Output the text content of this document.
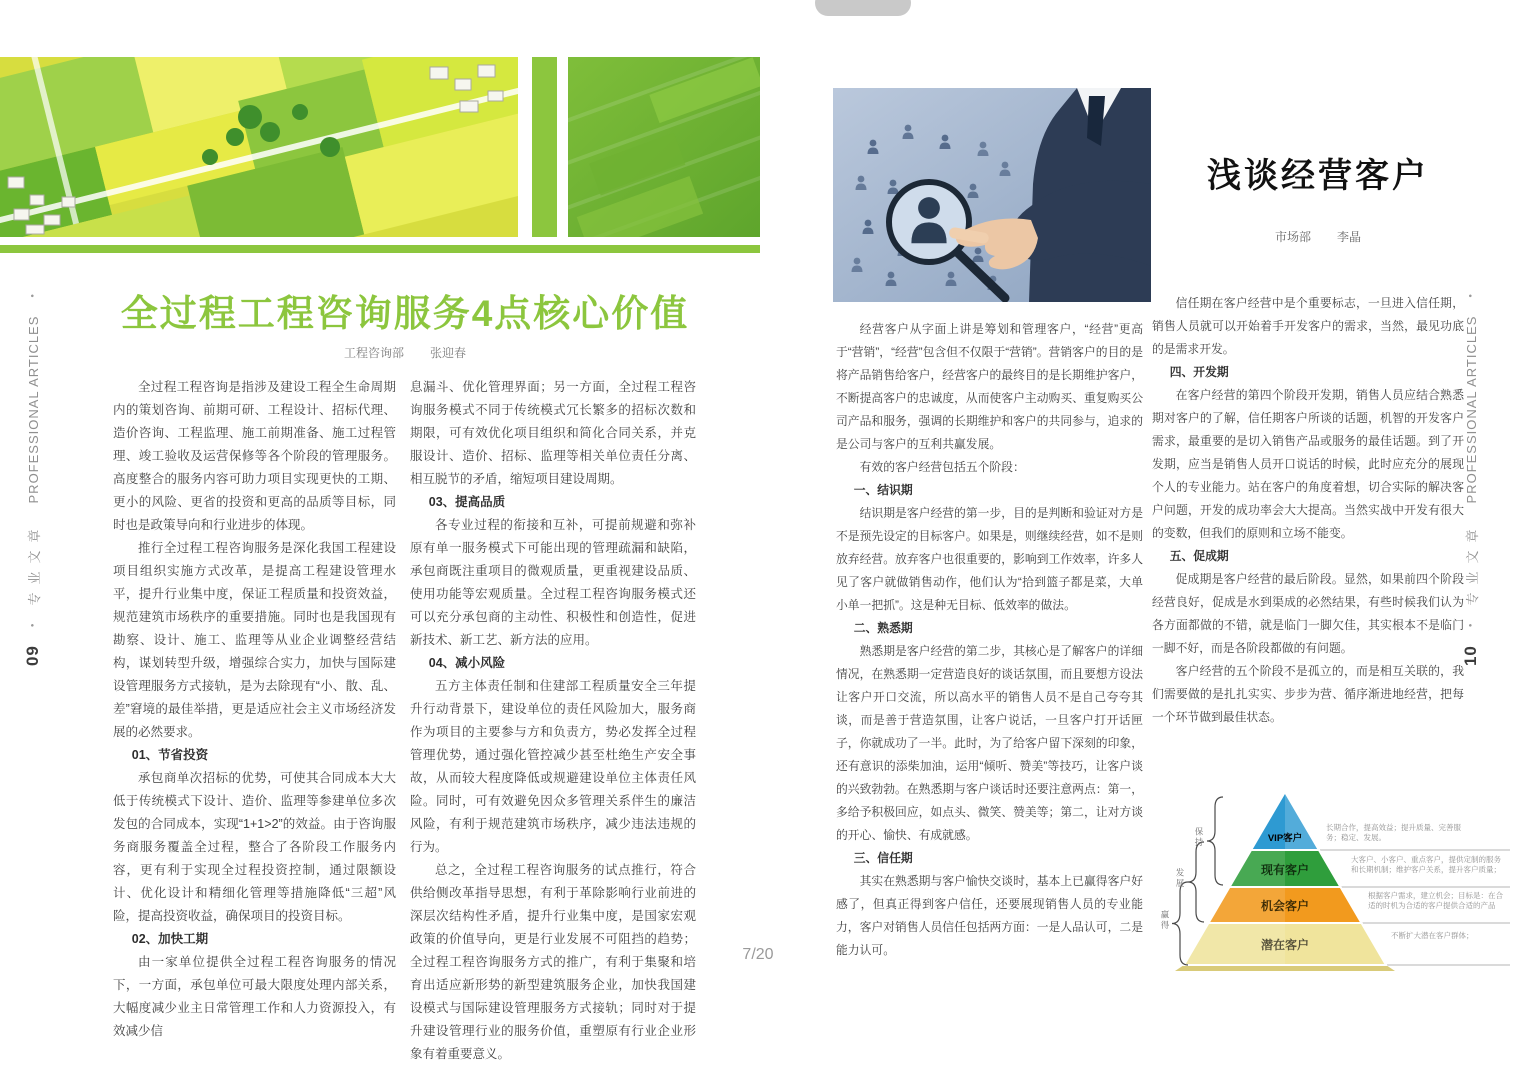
全过程工程咨询服务4点核心价值
工程咨询部 张迎春

全过程工程咨询是指涉及建设工程全生命周期内的策划咨询、前期可研、工程设计、招标代理、造价咨询、工程监理、施工前期准备、施工过程管理、竣工验收及运营保修等各个阶段的管理服务。高度整合的服务内容可助力项目实现更快的工期、更小的风险、更省的投资和更高的品质等目标，同时也是政策导向和行业进步的体现。

推行全过程工程咨询服务是深化我国工程建设项目组织实施方式改革，是提高工程建设管理水平，提升行业集中度，保证工程质量和投资效益，规范建筑市场秩序的重要措施。同时也是我国现有勘察、设计、施工、监理等从业企业调整经营结构，谋划转型升级，增强综合实力，加快与国际建设管理服务方式接轨，是为去除现有“小、散、乱、差”窘境的最佳举措，更是适应社会主义市场经济发展的必然要求。

01、节省投资

承包商单次招标的优势，可使其合同成本大大低于传统模式下设计、造价、监理等参建单位多次发包的合同成本，实现“1+1>2”的效益。由于咨询服务商服务覆盖全过程，整合了各阶段工作服务内容，更有利于实现全过程投资控制，通过限额设计、优化设计和精细化管理等措施降低“三超”风险，提高投资收益，确保项目的投资目标。

02、加快工期

由一家单位提供全过程工程咨询服务的情况下，一方面，承包单位可最大限度处理内部关系，大幅度减少业主日常管理工作和人力资源投入，有效减少信

息漏斗、优化管理界面；另一方面，全过程工程咨询服务模式不同于传统模式冗长繁多的招标次数和期限，可有效优化项目组织和简化合同关系，并克服设计、造价、招标、监理等相关单位责任分离、相互脱节的矛盾，缩短项目建设周期。

03、提高品质

各专业过程的衔接和互补，可提前规避和弥补原有单一服务模式下可能出现的管理疏漏和缺陷，承包商既注重项目的微观质量，更重视建设品质、使用功能等宏观质量。全过程工程咨询服务模式还可以充分承包商的主动性、积极性和创造性，促进新技术、新工艺、新方法的应用。

04、减小风险

五方主体责任制和住建部工程质量安全三年提升行动背景下，建设单位的责任风险加大，服务商作为项目的主要参与方和负责方，势必发挥全过程管理优势，通过强化管控减少甚至杜绝生产安全事故，从而较大程度降低或规避建设单位主体责任风险。同时，可有效避免因众多管理关系伴生的廉洁风险，有利于规范建筑市场秩序，减少违法违规的行为。

总之，全过程工程咨询服务的试点推行，符合供给侧改革指导思想，有利于革除影响行业前进的深层次结构性矛盾，提升行业集中度，是国家宏观政策的价值导向，更是行业发展不可阻挡的趋势；全过程工程咨询服务方式的推广，有利于集聚和培育出适应新形势的新型建筑服务企业，加快我国建设模式与国际建设管理服务方式接轨；同时对于提升建设管理行业的服务价值，重塑原有行业企业形象有着重要意义。

09
●
专业文章
PROFESSIONAL ARTICLES
●
10
●
专业文章
PROFESSIONAL ARTICLES
●
浅谈经营客户
市场部 李晶

经营客户从字面上讲是筹划和管理客户，“经营”更高于“营销”，“经营”包含但不仅限于“营销”。营销客户的目的是将产品销售给客户，经营客户的最终目的是长期维护客户，不断提高客户的忠诚度，从而使客户主动购买、重复购买公司产品和服务，强调的长期维护和客户的共同参与，追求的是公司与客户的互利共赢发展。

有效的客户经营包括五个阶段：

一、结识期

结识期是客户经营的第一步，目的是判断和验证对方是不是预先设定的目标客户。如果是，则继续经营，如不是则放弃经营。放弃客户也很重要的，影响到工作效率，许多人见了客户就做销售动作，他们认为“拾到篮子都是菜，大单小单一把抓”。这是种无目标、低效率的做法。

二、熟悉期

熟悉期是客户经营的第二步，其核心是了解客户的详细情况，在熟悉期一定营造良好的谈话氛围，而且要想方设法让客户开口交流，所以高水平的销售人员不是自己夸夸其谈，而是善于营造氛围，让客户说话，一旦客户打开话匣子，你就成功了一半。此时，为了给客户留下深刻的印象，还有意识的添柴加油，运用“倾听、赞美”等技巧，让客户谈的兴致勃勃。在熟悉期与客户谈话时还要注意两点：第一，多给予积极回应，如点头、微笑、赞美等；第二，让对方谈的开心、愉快、有成就感。

三、信任期

其实在熟悉期与客户愉快交谈时，基本上已赢得客户好感了，但真正得到客户信任，还要展现销售人员的专业能力，客户对销售人员信任包括两方面：一是人品认可，二是能力认可。

信任期在客户经营中是个重要标志，一旦进入信任期，销售人员就可以开始着手开发客户的需求，当然，最见功底的是需求开发。

四、开发期

在客户经营的第四个阶段开发期，销售人员应结合熟悉期对客户的了解，信任期客户所谈的话题，机智的开发客户需求，最重要的是切入销售产品或服务的最佳话题。到了开发期，应当是销售人员开口说话的时候，此时应充分的展现个人的专业能力。站在客户的角度着想，切合实际的解决客户问题，开发的成功率会大大提高。当然实战中开发有很大的变数，但我们的原则和立场不能变。

五、促成期

促成期是客户经营的最后阶段。显然，如果前四个阶段经营良好，促成是水到渠成的必然结果，有些时候我们认为各方面都做的不错，就是临门一脚欠佳，其实根本不是临门一脚不好，而是各阶段都做的有问题。

客户经营的五个阶段不是孤立的，而是相互关联的，我们需要做的是扎扎实实、步步为营、循序渐进地经营，把每一个环节做到最佳状态。

VIP客户
现有客户
机会客户
潜在客户
长期合作，提高效益；提升质量、完善服务；稳定、发展。
大客户、小客户、重点客户，提供定制的服务和长期机制；维护客户关系，提升客户质量；
根据客户需求，建立机会；目标是：在合适的时机为合适的客户提供合适的产品
不断扩大潜在客户群体；
保持
发展
赢得
7/20
